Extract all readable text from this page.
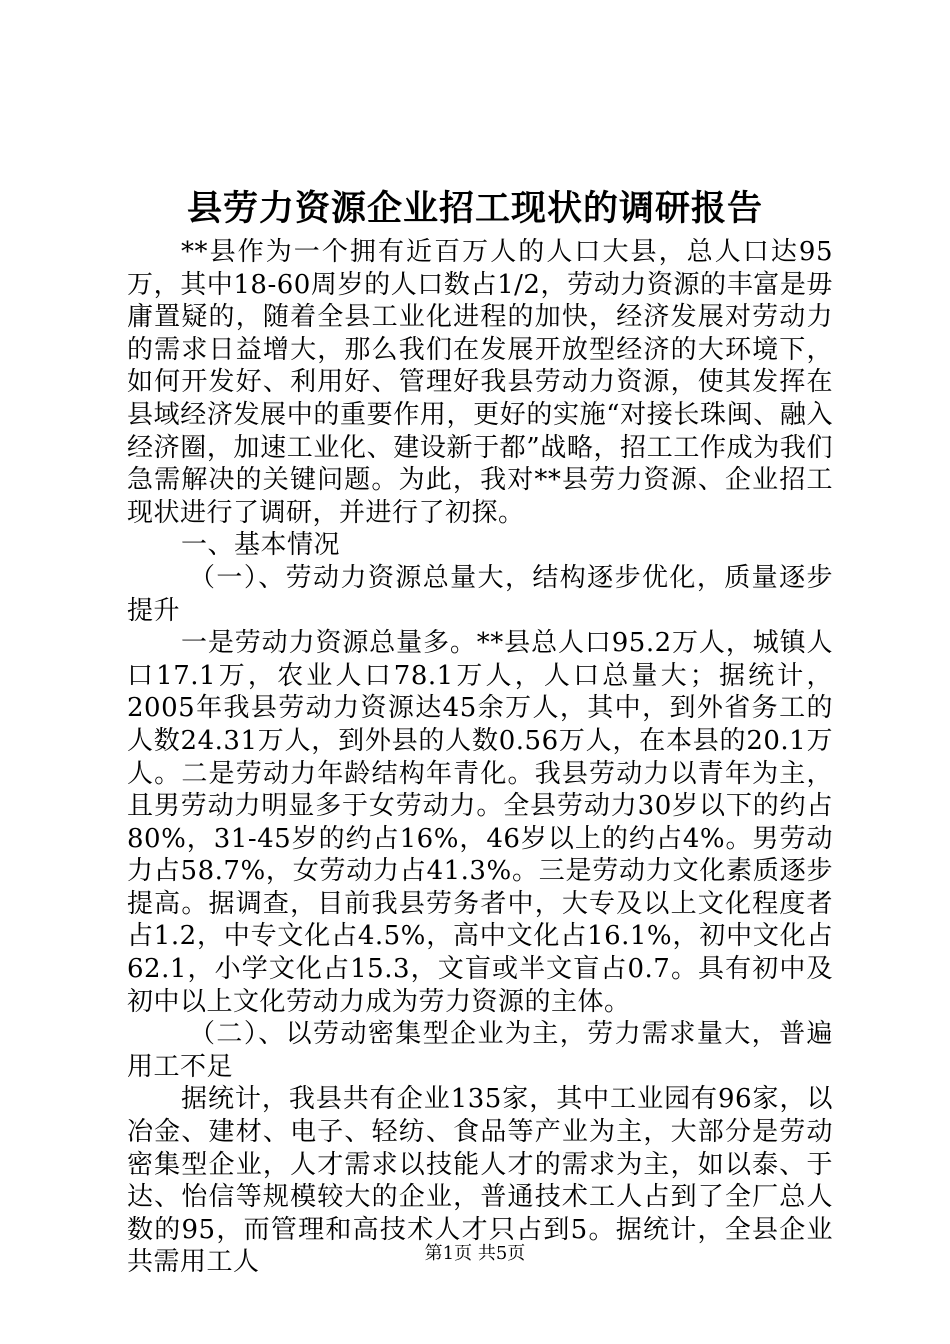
县劳力资源企业招工现状的调研报告

**县作为一个拥有近百万人的人口大县，总人口达95万，其中18-60周岁的人口数占1/2，劳动力资源的丰富是毋庸置疑的，随着全县工业化进程的加快，经济发展对劳动力的需求日益增大，那么我们在发展开放型经济的大环境下，如何开发好、利用好、管理好我县劳动力资源，使其发挥在县域经济发展中的重要作用，更好的实施“对接长珠闽、融入经济圈，加速工业化、建设新于都”战略，招工工作成为我们急需解决的关键问题。为此，我对**县劳力资源、企业招工现状进行了调研，并进行了初探。

一、基本情况

（一）、劳动力资源总量大，结构逐步优化，质量逐步提升

一是劳动力资源总量多。**县总人口95.2万人，城镇人口17.1万，农业人口78.1万人，人口总量大；据统计，2005年我县劳动力资源达45余万人，其中，到外省务工的人数24.31万人，到外县的人数0.56万人，在本县的20.1万人。二是劳动力年龄结构年青化。我县劳动力以青年为主，且男劳动力明显多于女劳动力。全县劳动力30岁以下的约占80%，31-45岁的约占16%，46岁以上的约占4%。男劳动力占58.7%，女劳动力占41.3%。三是劳动力文化素质逐步提高。据调查，目前我县劳务者中，大专及以上文化程度者占1.2，中专文化占4.5%，高中文化占16.1%，初中文化占62.1，小学文化占15.3，文盲或半文盲占0.7。具有初中及初中以上文化劳动力成为劳力资源的主体。

（二）、以劳动密集型企业为主，劳力需求量大，普遍用工不足

据统计，我县共有企业135家，其中工业园有96家，以冶金、建材、电子、轻纺、食品等产业为主，大部分是劳动密集型企业，人才需求以技能人才的需求为主，如以泰、于达、怡信等规模较大的企业，普通技术工人占到了全厂总人数的95，而管理和高技术人才只占到5。据统计，全县企业共需用工人	第1页 共5页
